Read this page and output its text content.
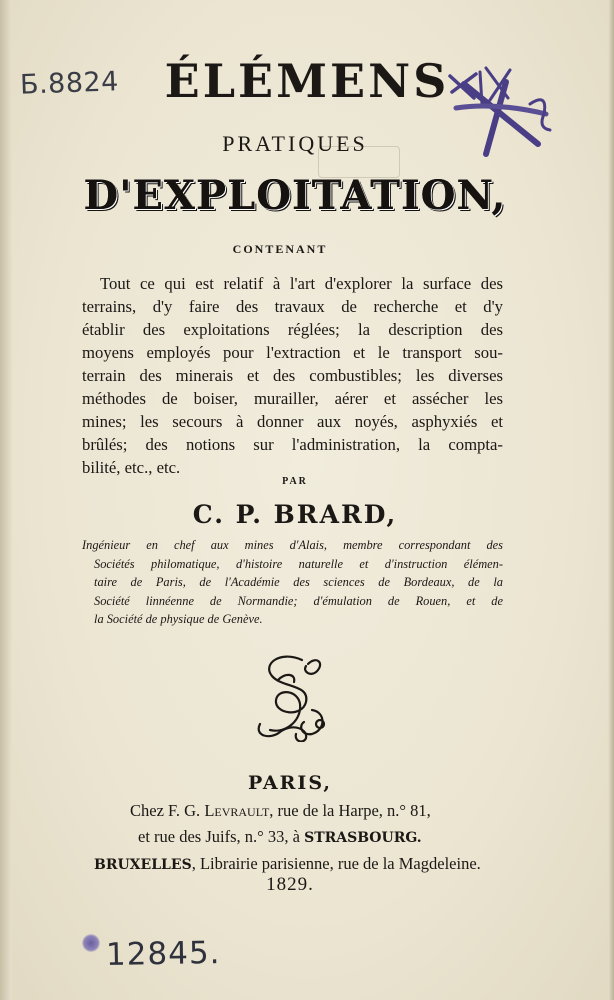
Б.8824 ÉLÉMENS
PRATIQUES
D'EXPLOITATION,
CONTENANT
Tout ce qui est relatif à l'art d'explorer la surface des
terrains, d'y faire des travaux de recherche et d'y
établir des exploitations réglées; la description des
moyens employés pour l'extraction et le transport sou-
terrain des minerais et des combustibles; les diverses
méthodes de boiser, murailler, aérer et assécher les
mines; les secours à donner aux noyés, asphyxiés et
brûlés; des notions sur l'administration, la compta-
bilité, etc., etc.
PAR
C. P. BRARD,
Ingénieur en chef aux mines d'Alais, membre correspondant des
Sociétés philomatique, d'histoire naturelle et d'instruction élémen-
taire de Paris, de l'Académie des sciences de Bordeaux, de la
Société linnéenne de Normandie; d'émulation de Rouen, et de
la Société de physique de Genève.
PARIS,
Chez F. G. Levrault, rue de la Harpe, n.° 81,
et rue des Juifs, n.° 33, à STRASBOURG.
BRUXELLES, Librairie parisienne, rue de la Magdeleine.
1829.
12845.
